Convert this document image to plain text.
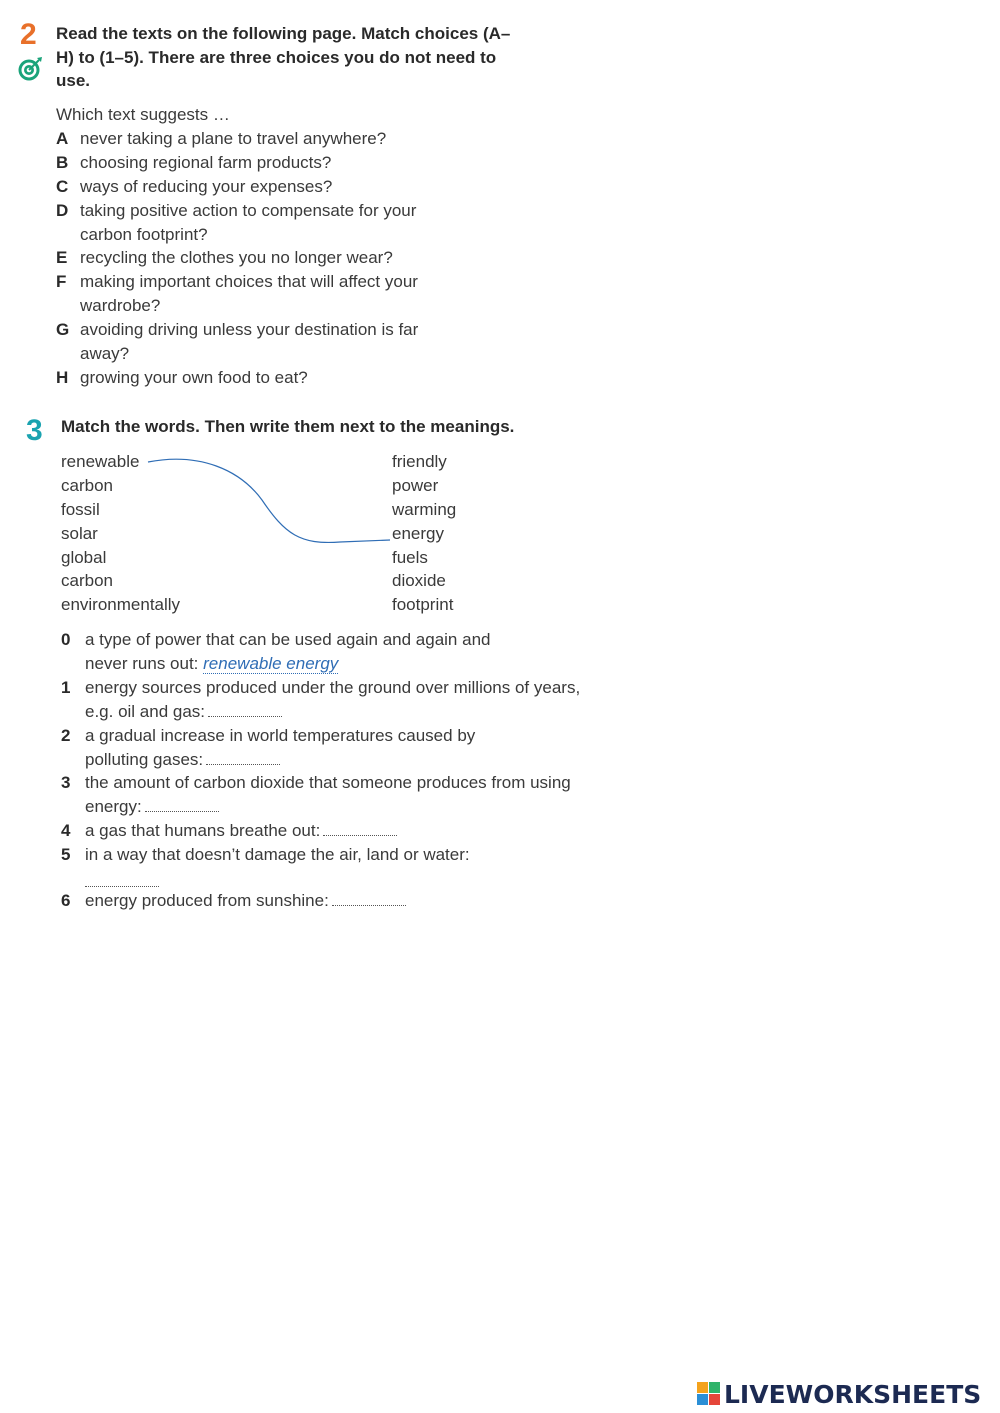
2 Read the texts on the following page. Match choices (A–H) to (1–5). There are three choices you do not need to use.
Which text suggests …
A never taking a plane to travel anywhere?
B choosing regional farm products?
C ways of reducing your expenses?
D taking positive action to compensate for your carbon footprint?
E recycling the clothes you no longer wear?
F making important choices that will affect your wardrobe?
G avoiding driving unless your destination is far away?
H growing your own food to eat?
3 Match the words. Then write them next to the meanings.
renewable
carbon
fossil
solar
global
carbon
environmentally
friendly
power
warming
energy
fuels
dioxide
footprint
0 a type of power that can be used again and again and never runs out: renewable energy
1 energy sources produced under the ground over millions of years, e.g. oil and gas:
2 a gradual increase in world temperatures caused by polluting gases:
3 the amount of carbon dioxide that someone produces from using energy:
4 a gas that humans breathe out:
5 in a way that doesn’t damage the air, land or water:
6 energy produced from sunshine:
LIVEWORKSHEETS
